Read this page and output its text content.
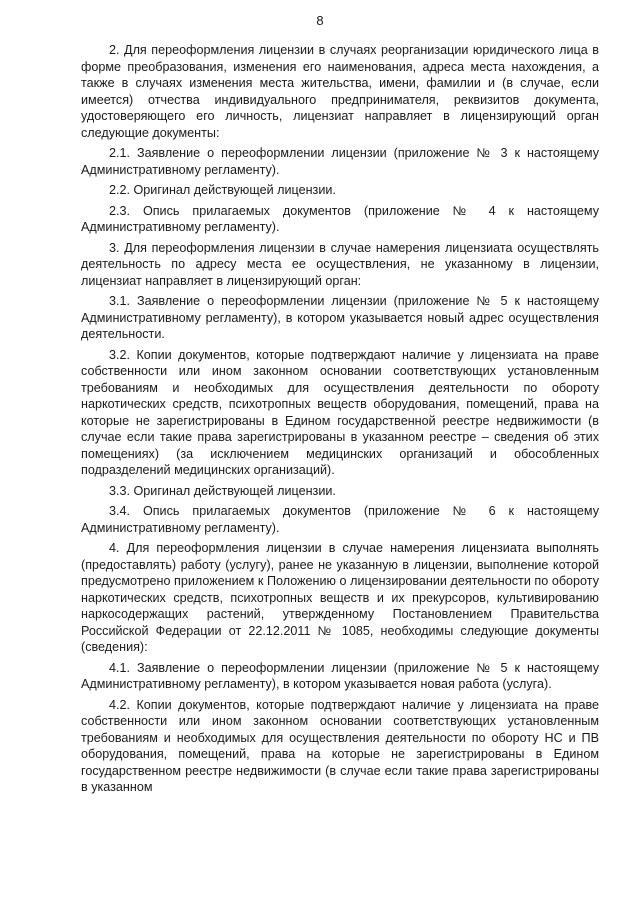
8

2. Для переоформления лицензии в случаях реорганизации юридического лица в форме преобразования, изменения его наименования, адреса места нахождения, а также в случаях изменения места жительства, имени, фамилии и (в случае, если имеется) отчества индивидуального предпринимателя, реквизитов документа, удостоверяющего его личность, лицензиат направляет в лицензирующий орган следующие документы:

2.1. Заявление о переоформлении лицензии (приложение № 3 к настоящему Административному регламенту).

2.2. Оригинал действующей лицензии.

2.3. Опись прилагаемых документов (приложение № 4 к настоящему Административному регламенту).

3. Для переоформления лицензии в случае намерения лицензиата осуществлять деятельность по адресу места ее осуществления, не указанному в лицензии, лицензиат направляет в лицензирующий орган:

3.1. Заявление о переоформлении лицензии (приложение № 5 к настоящему Административному регламенту), в котором указывается новый адрес осуществления деятельности.

3.2. Копии документов, которые подтверждают наличие у лицензиата на праве собственности или ином законном основании соответствующих установленным требованиям и необходимых для осуществления деятельности по обороту наркотических средств, психотропных веществ оборудования, помещений, права на которые не зарегистрированы в Едином государственной реестре недвижимости (в случае если такие права зарегистрированы в указанном реестре – сведения об этих помещениях) (за исключением медицинских организаций и обособленных подразделений медицинских организаций).

3.3. Оригинал действующей лицензии.

3.4. Опись прилагаемых документов (приложение № 6 к настоящему Административному регламенту).

4. Для переоформления лицензии в случае намерения лицензиата выполнять (предоставлять) работу (услугу), ранее не указанную в лицензии, выполнение которой предусмотрено приложением к Положению о лицензировании деятельности по обороту наркотических средств, психотропных веществ и их прекурсоров, культивированию наркосодержащих растений, утвержденному Постановлением Правительства Российской Федерации от 22.12.2011 № 1085, необходимы следующие документы (сведения):

4.1. Заявление о переоформлении лицензии (приложение № 5 к настоящему Административному регламенту), в котором указывается новая работа (услуга).

4.2. Копии документов, которые подтверждают наличие у лицензиата на праве собственности или ином законном основании соответствующих установленным требованиям и необходимых для осуществления деятельности по обороту НС и ПВ оборудования, помещений, права на которые не зарегистрированы в Едином государственном реестре недвижимости (в случае если такие права зарегистрированы в указанном
